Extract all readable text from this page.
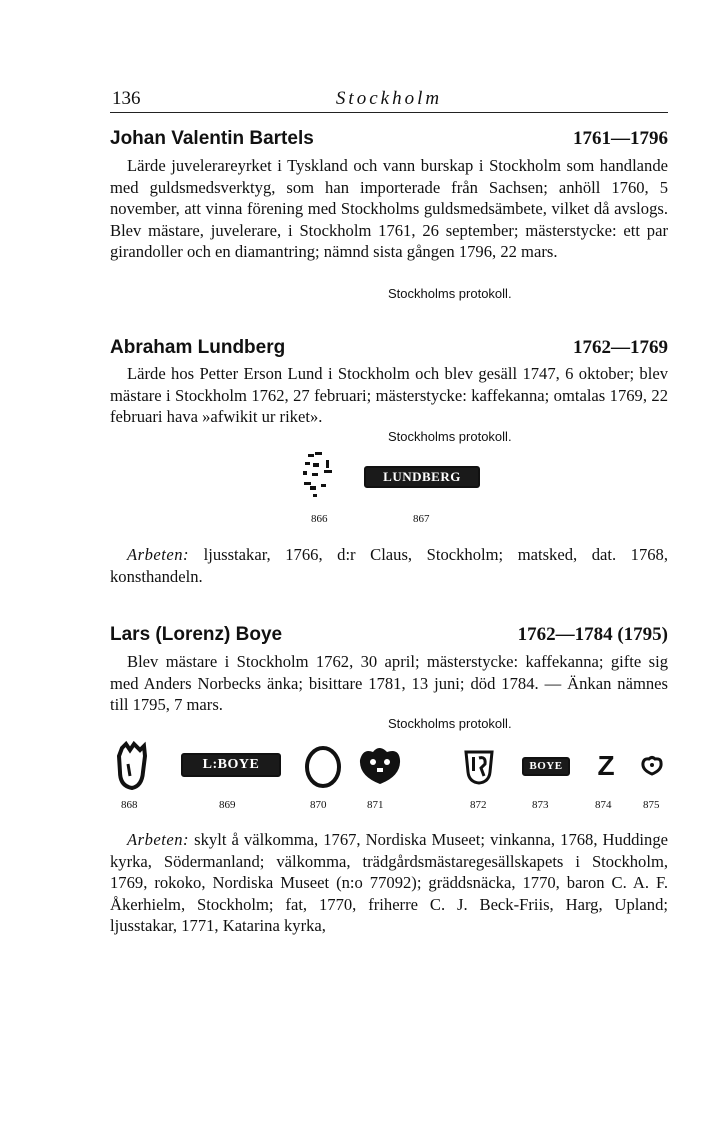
136	Stockholm
Johan Valentin Bartels	1761—1796

Lärde juvelerareyrket i Tyskland och vann burskap i Stockholm som handlande med guldsmedsverktyg, som han importerade från Sachsen; anhöll 1760, 5 november, att vinna förening med Stockholms guldsmedsämbete, vilket då avslogs. Blev mästare, juvelerare, i Stockholm 1761, 26 september; mästerstycke: ett par girandoller och en diamantring; nämnd sista gången 1796, 22 mars.

Stockholms protokoll.
Abraham Lundberg	1762—1769

Lärde hos Petter Erson Lund i Stockholm och blev gesäll 1747, 6 oktober; blev mästare i Stockholm 1762, 27 februari; mästerstycke: kaffekanna; omtalas 1769, 22 februari hava »afwikit ur riket».

Stockholms protokoll.
866
LUNDBERG
867

Arbeten: ljusstakar, 1766, d:r Claus, Stockholm; matsked, dat. 1768, konsthandeln.

Lars (Lorenz) Boye	1762—1784 (1795)

Blev mästare i Stockholm 1762, 30 april; mästerstycke: kaffekanna; gifte sig med Anders Norbecks änka; bisittare 1781, 13 juni; död 1784. — Änkan nämnes till 1795, 7 mars.

Stockholms protokoll.
868
L:BOYE
869	870	871	872
BOYE
873
Z
874	875

Arbeten: skylt å välkomma, 1767, Nordiska Museet; vinkanna, 1768, Huddinge kyrka, Södermanland; välkomma, trädgårdsmästaregesällskapets i Stockholm, 1769, rokoko, Nordiska Museet (n:o 77092); gräddsnäcka, 1770, baron C. A. F. Åkerhielm, Stockholm; fat, 1770, friherre C. J. Beck-Friis, Harg, Upland; ljusstakar, 1771, Katarina kyrka,
